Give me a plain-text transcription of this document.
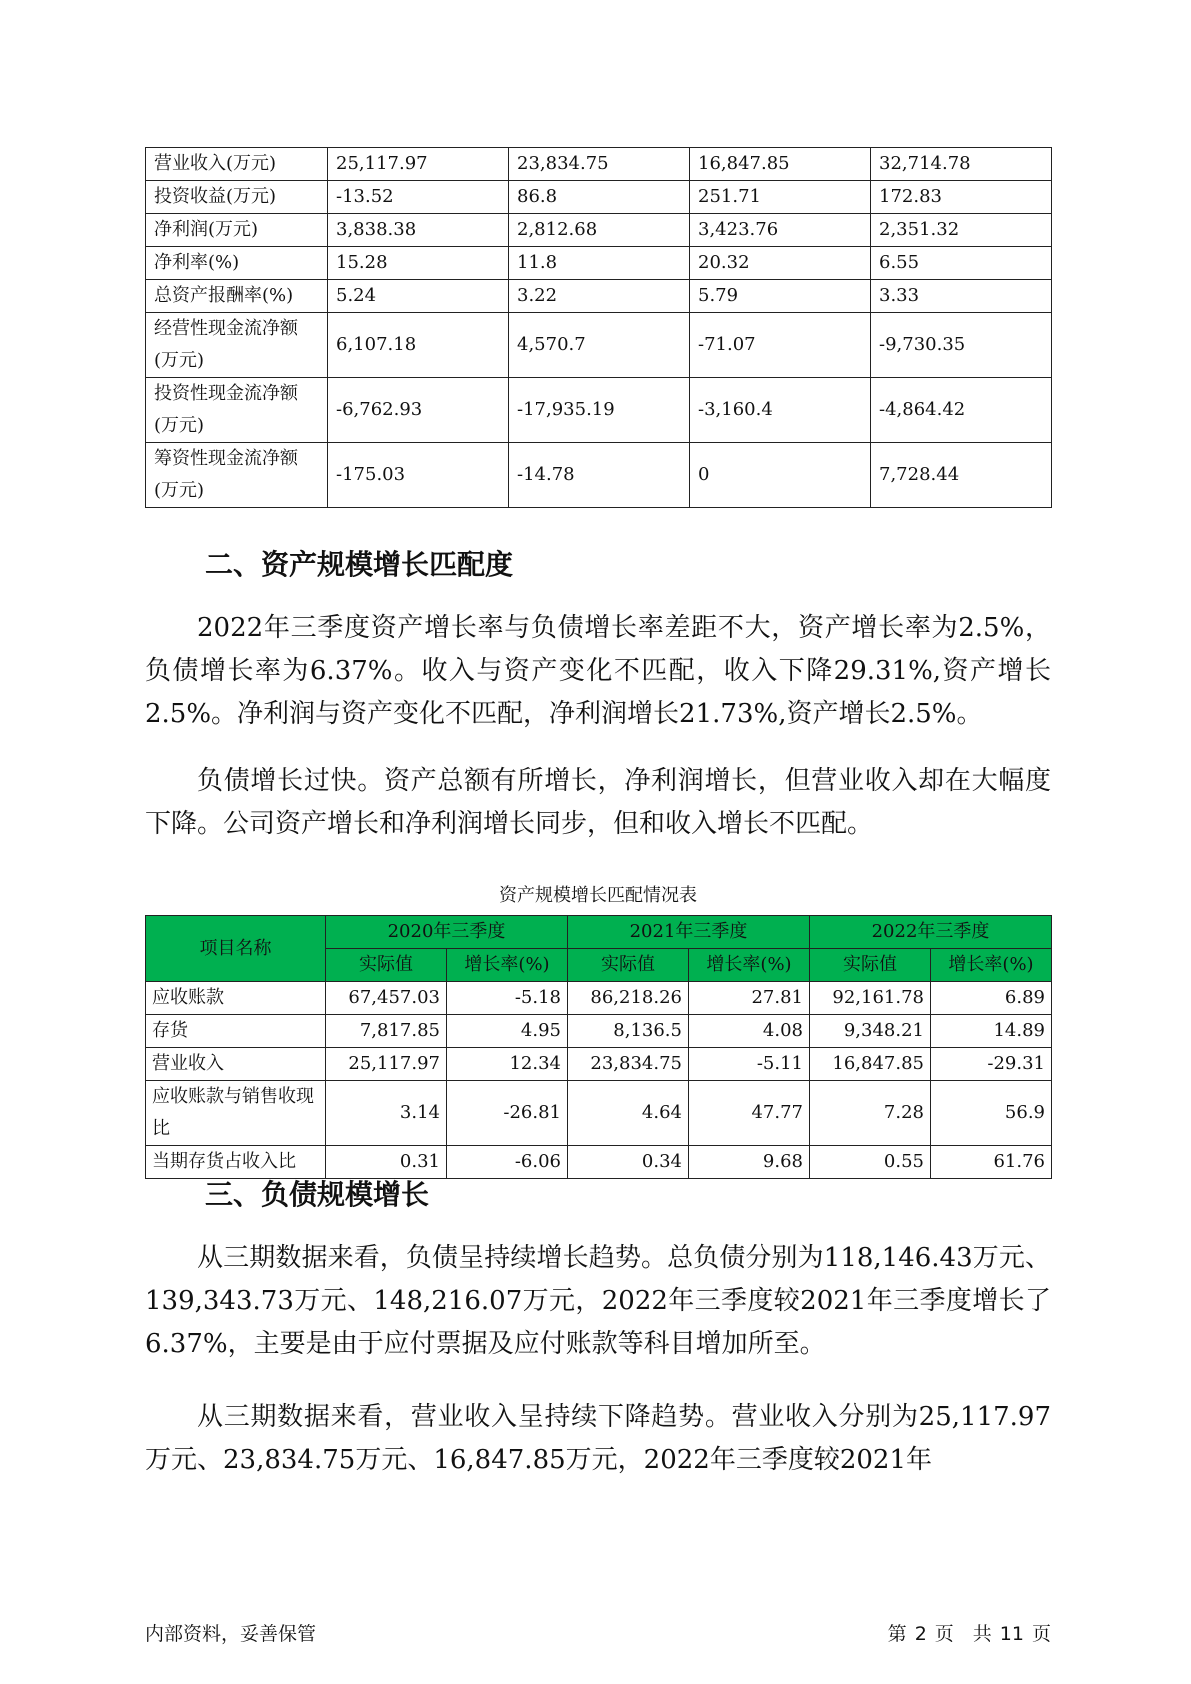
营业收入(万元)	25,117.97	23,834.75	16,847.85	32,714.78
投资收益(万元)	-13.52	86.8	251.71	172.83
净利润(万元)	3,838.38	2,812.68	3,423.76	2,351.32
净利率(%)	15.28	11.8	20.32	6.55
总资产报酬率(%)	5.24	3.22	5.79	3.33
经营性现金流净额(万元)	6,107.18	4,570.7	-71.07	-9,730.35
投资性现金流净额(万元)	-6,762.93	-17,935.19	-3,160.4	-4,864.42
筹资性现金流净额(万元)	-175.03	-14.78	0	7,728.44
二、资产规模增长匹配度

2022年三季度资产增长率与负债增长率差距不大，资产增长率为2.5%，负债增长率为6.37%。收入与资产变化不匹配，收入下降29.31%,资产增长2.5%。净利润与资产变化不匹配，净利润增长21.73%,资产增长2.5%。

负债增长过快。资产总额有所增长，净利润增长，但营业收入却在大幅度下降。公司资产增长和净利润增长同步，但和收入增长不匹配。

资产规模增长匹配情况表

项目名称	2020年三季度		2021年三季度		2022年三季度	
	实际值	增长率(%)	实际值	增长率(%)	实际值	增长率(%)
应收账款	67,457.03	-5.18	86,218.26	27.81	92,161.78	6.89
存货	7,817.85	4.95	8,136.5	4.08	9,348.21	14.89
营业收入	25,117.97	12.34	23,834.75	-5.11	16,847.85	-29.31
应收账款与销售收现比	3.14	-26.81	4.64	47.77	7.28	56.9
当期存货占收入比	0.31	-6.06	0.34	9.68	0.55	61.76
三、负债规模增长

从三期数据来看，负债呈持续增长趋势。总负债分别为118,146.43万元、139,343.73万元、148,216.07万元，2022年三季度较2021年三季度增长了6.37%，主要是由于应付票据及应付账款等科目增加所至。

从三期数据来看，营业收入呈持续下降趋势。营业收入分别为25,117.97万元、23,834.75万元、16,847.85万元，2022年三季度较2021年

内部资料，妥善保管	第 2 页　共 11 页
